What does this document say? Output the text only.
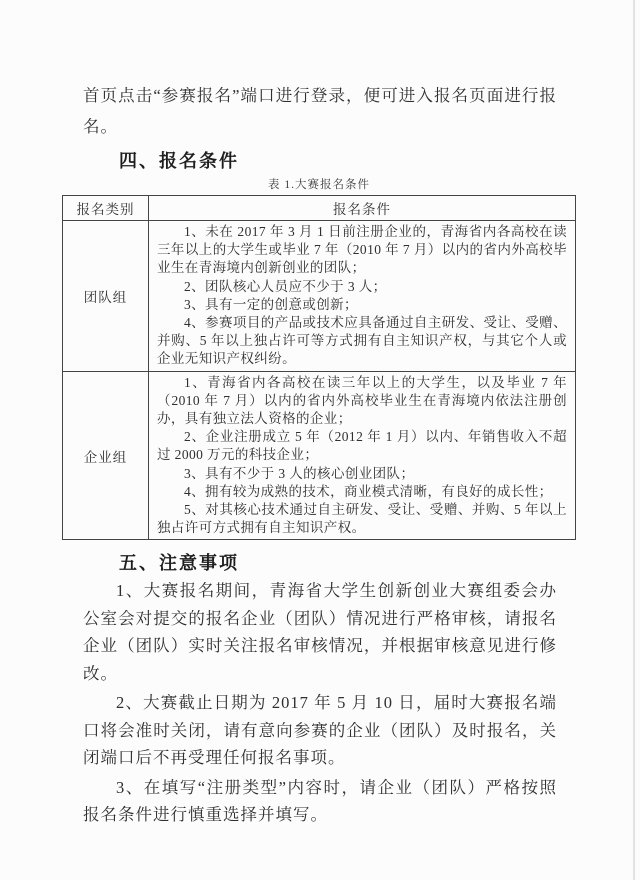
首页点击“参赛报名”端口进行登录，便可进入报名页面进行报名。

四、报名条件
表 1.大赛报名条件
报名类别	报名条件
团队组	1、未在 2017 年 3 月 1 日前注册企业的，青海省内各高校在读三年以上的大学生或毕业 7 年（2010 年 7 月）以内的省内外高校毕业生在青海境内创新创业的团队；

2、团队核心人员应不少于 3 人；

3、具有一定的创意或创新；

4、参赛项目的产品或技术应具备通过自主研发、受让、受赠、并购、5 年以上独占许可等方式拥有自主知识产权，与其它个人或企业无知识产权纠纷。

企业组	1、青海省内各高校在读三年以上的大学生，以及毕业 7 年（2010 年 7 月）以内的省内外高校毕业生在青海境内依法注册创办，具有独立法人资格的企业；

2、企业注册成立 5 年（2012 年 1 月）以内、年销售收入不超过 2000 万元的科技企业；

3、具有不少于 3 人的核心创业团队；

4、拥有较为成熟的技术，商业模式清晰，有良好的成长性；

5、对其核心技术通过自主研发、受让、受赠、并购、5 年以上独占许可方式拥有自主知识产权。

五、注意事项

1、大赛报名期间，青海省大学生创新创业大赛组委会办公室会对提交的报名企业（团队）情况进行严格审核，请报名企业（团队）实时关注报名审核情况，并根据审核意见进行修改。

2、大赛截止日期为 2017 年 5 月 10 日，届时大赛报名端口将会准时关闭，请有意向参赛的企业（团队）及时报名，关闭端口后不再受理任何报名事项。

3、在填写“注册类型”内容时，请企业（团队）严格按照报名条件进行慎重选择并填写。
